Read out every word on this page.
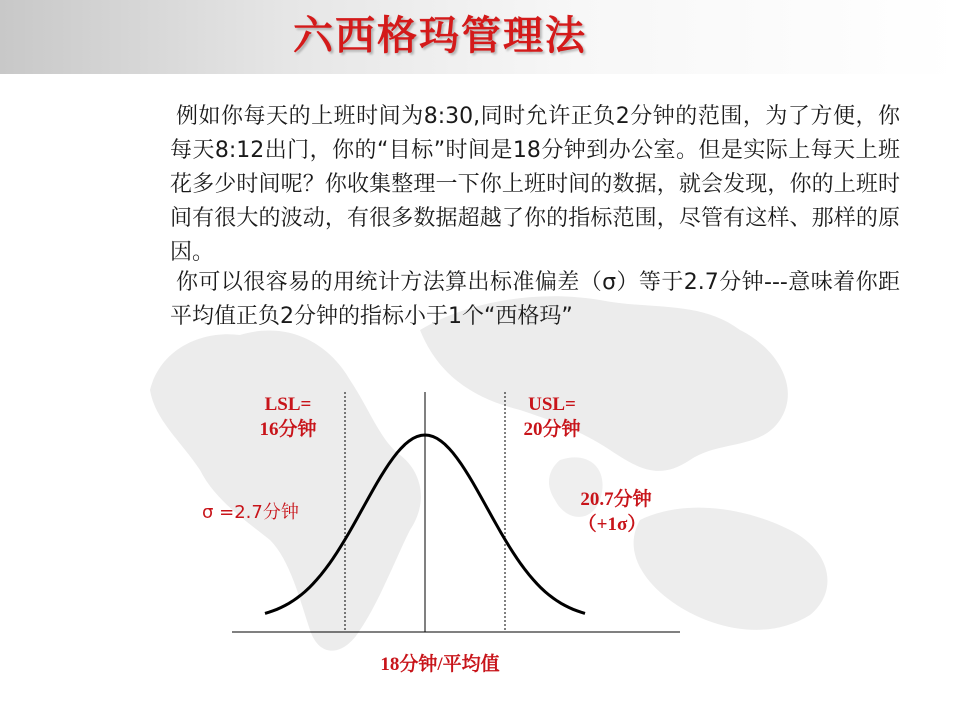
六西格玛管理法

例如你每天的上班时间为8:30,同时允许正负2分钟的范围，为了方便，你每天8:12出门，你的“目标”时间是18分钟到办公室。但是实际上每天上班花多少时间呢？你收集整理一下你上班时间的数据，就会发现，你的上班时间有很大的波动，有很多数据超越了你的指标范围，尽管有这样、那样的原因。

你可以很容易的用统计方法算出标准偏差（σ）等于2.7分钟---意味着你距平均值正负2分钟的指标小于1个“西格玛”

LSL=
16分钟
USL=
20分钟
σ =2.7分钟
20.7分钟
（+1σ）
18分钟/平均值
